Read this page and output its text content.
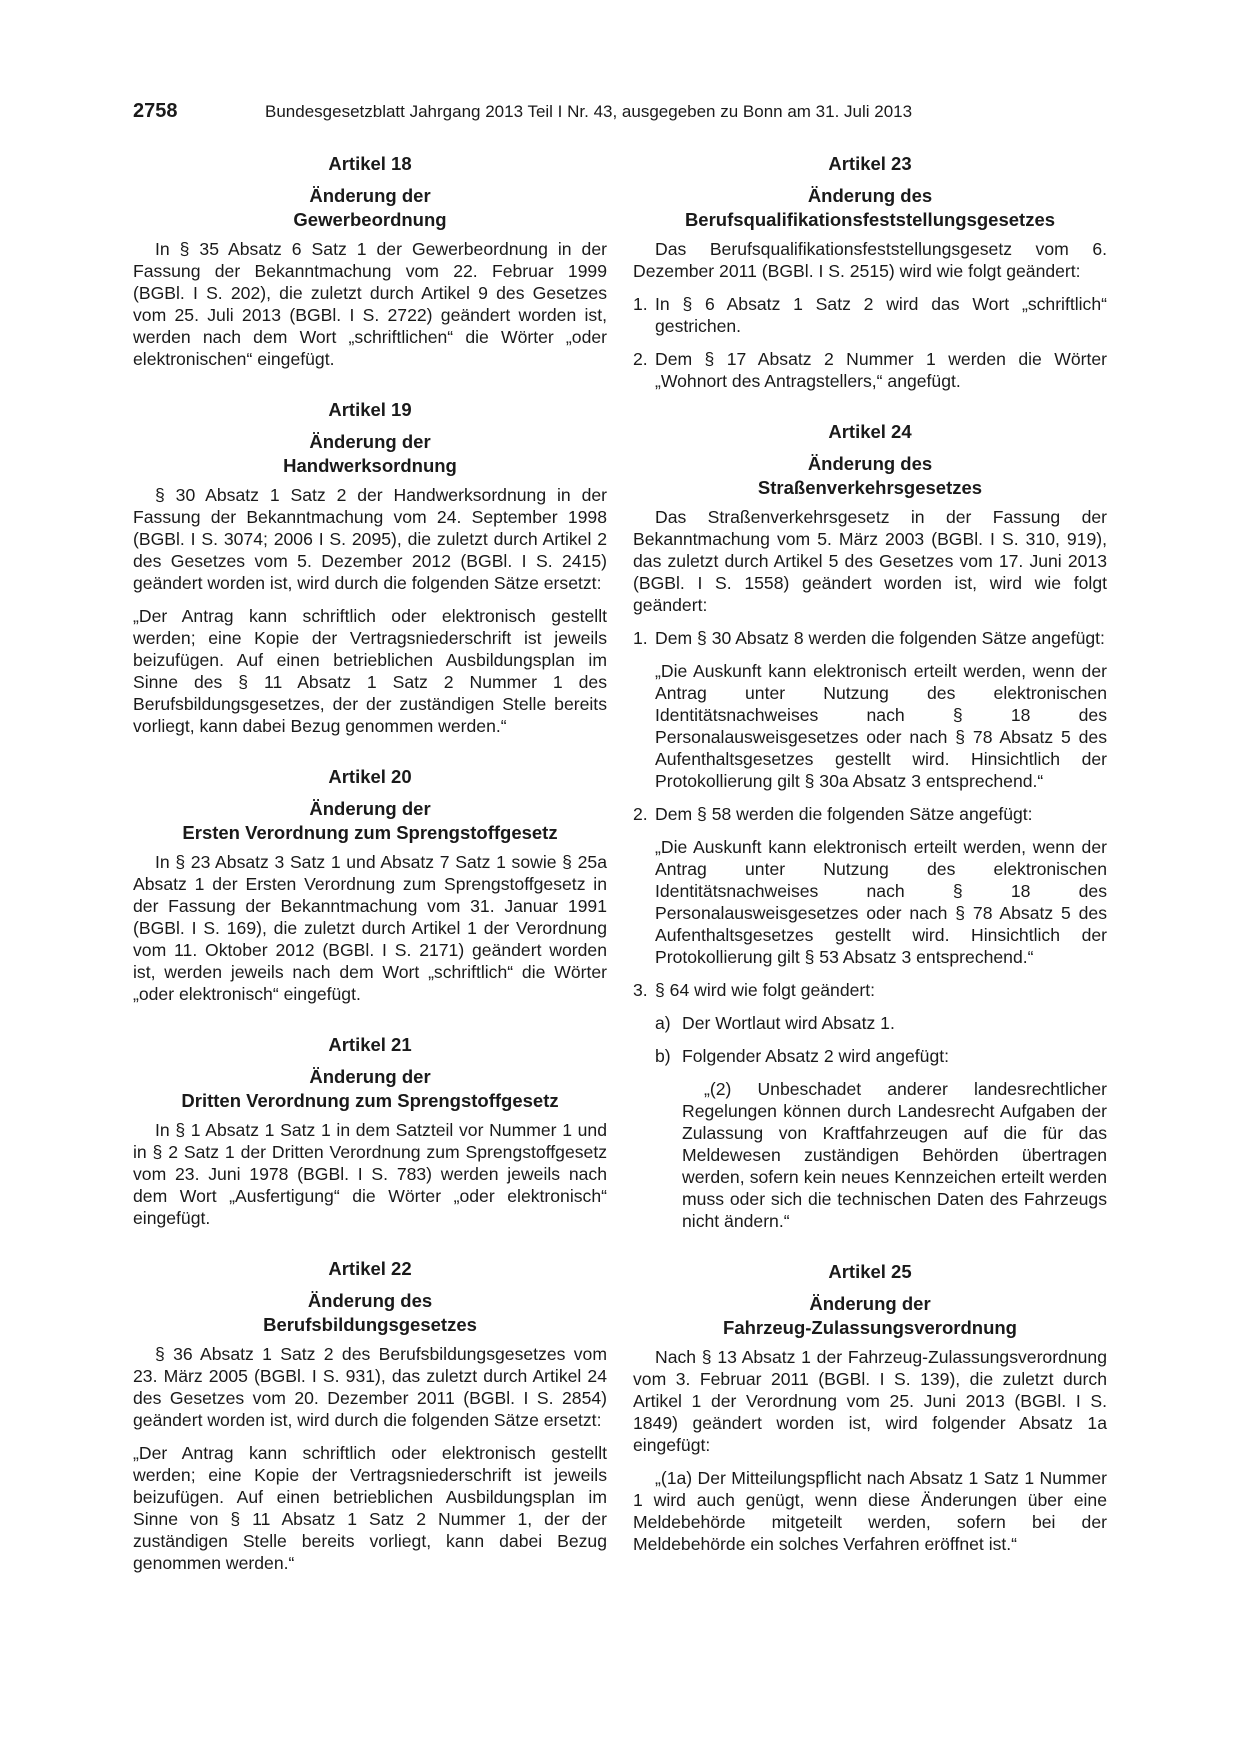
2758	Bundesgesetzblatt Jahrgang 2013 Teil I Nr. 43, ausgegeben zu Bonn am 31. Juli 2013
Artikel 18
Änderung der
Gewerbeordnung

In § 35 Absatz 6 Satz 1 der Gewerbeordnung in der Fassung der Bekanntmachung vom 22. Februar 1999 (BGBl. I S. 202), die zuletzt durch Artikel 9 des Gesetzes vom 25. Juli 2013 (BGBl. I S. 2722) geändert worden ist, werden nach dem Wort „schriftlichen“ die Wörter „oder elektronischen“ eingefügt.

Artikel 19
Änderung der
Handwerksordnung

§ 30 Absatz 1 Satz 2 der Handwerksordnung in der Fassung der Bekanntmachung vom 24. September 1998 (BGBl. I S. 3074; 2006 I S. 2095), die zuletzt durch Artikel 2 des Gesetzes vom 5. Dezember 2012 (BGBl. I S. 2415) geändert worden ist, wird durch die folgenden Sätze ersetzt:

„Der Antrag kann schriftlich oder elektronisch gestellt werden; eine Kopie der Vertragsniederschrift ist jeweils beizufügen. Auf einen betrieblichen Ausbildungsplan im Sinne des § 11 Absatz 1 Satz 2 Nummer 1 des Berufsbildungsgesetzes, der der zuständigen Stelle bereits vorliegt, kann dabei Bezug genommen werden.“

Artikel 20
Änderung der
Ersten Verordnung zum Sprengstoffgesetz

In § 23 Absatz 3 Satz 1 und Absatz 7 Satz 1 sowie § 25a Absatz 1 der Ersten Verordnung zum Sprengstoffgesetz in der Fassung der Bekanntmachung vom 31. Januar 1991 (BGBl. I S. 169), die zuletzt durch Artikel 1 der Verordnung vom 11. Oktober 2012 (BGBl. I S. 2171) geändert worden ist, werden jeweils nach dem Wort „schriftlich“ die Wörter „oder elektronisch“ eingefügt.

Artikel 21
Änderung der
Dritten Verordnung zum Sprengstoffgesetz

In § 1 Absatz 1 Satz 1 in dem Satzteil vor Nummer 1 und in § 2 Satz 1 der Dritten Verordnung zum Sprengstoffgesetz vom 23. Juni 1978 (BGBl. I S. 783) werden jeweils nach dem Wort „Ausfertigung“ die Wörter „oder elektronisch“ eingefügt.

Artikel 22
Änderung des
Berufsbildungsgesetzes

§ 36 Absatz 1 Satz 2 des Berufsbildungsgesetzes vom 23. März 2005 (BGBl. I S. 931), das zuletzt durch Artikel 24 des Gesetzes vom 20. Dezember 2011 (BGBl. I S. 2854) geändert worden ist, wird durch die folgenden Sätze ersetzt:

„Der Antrag kann schriftlich oder elektronisch gestellt werden; eine Kopie der Vertragsniederschrift ist jeweils beizufügen. Auf einen betrieblichen Ausbildungsplan im Sinne von § 11 Absatz 1 Satz 2 Nummer 1, der der zuständigen Stelle bereits vorliegt, kann dabei Bezug genommen werden.“

Artikel 23
Änderung des
Berufsqualifikationsfeststellungsgesetzes

Das Berufsqualifikationsfeststellungsgesetz vom 6. Dezember 2011 (BGBl. I S. 2515) wird wie folgt geändert:

1. In § 6 Absatz 1 Satz 2 wird das Wort „schriftlich“ gestrichen.
2. Dem § 17 Absatz 2 Nummer 1 werden die Wörter „Wohnort des Antragstellers,“ angefügt.
Artikel 24
Änderung des
Straßenverkehrsgesetzes

Das Straßenverkehrsgesetz in der Fassung der Bekanntmachung vom 5. März 2003 (BGBl. I S. 310, 919), das zuletzt durch Artikel 5 des Gesetzes vom 17. Juni 2013 (BGBl. I S. 1558) geändert worden ist, wird wie folgt geändert:

1. Dem § 30 Absatz 8 werden die folgenden Sätze angefügt:
„Die Auskunft kann elektronisch erteilt werden, wenn der Antrag unter Nutzung des elektronischen Identitätsnachweises nach § 18 des Personalausweisgesetzes oder nach § 78 Absatz 5 des Aufenthaltsgesetzes gestellt wird. Hinsichtlich der Protokollierung gilt § 30a Absatz 3 entsprechend.“
2. Dem § 58 werden die folgenden Sätze angefügt:
„Die Auskunft kann elektronisch erteilt werden, wenn der Antrag unter Nutzung des elektronischen Identitätsnachweises nach § 18 des Personalausweisgesetzes oder nach § 78 Absatz 5 des Aufenthaltsgesetzes gestellt wird. Hinsichtlich der Protokollierung gilt § 53 Absatz 3 entsprechend.“
3. § 64 wird wie folgt geändert:
a) Der Wortlaut wird Absatz 1.
b) Folgender Absatz 2 wird angefügt:
„(2) Unbeschadet anderer landesrechtlicher Regelungen können durch Landesrecht Aufgaben der Zulassung von Kraftfahrzeugen auf die für das Meldewesen zuständigen Behörden übertragen werden, sofern kein neues Kennzeichen erteilt werden muss oder sich die technischen Daten des Fahrzeugs nicht ändern.“
Artikel 25
Änderung der
Fahrzeug-Zulassungsverordnung

Nach § 13 Absatz 1 der Fahrzeug-Zulassungsverordnung vom 3. Februar 2011 (BGBl. I S. 139), die zuletzt durch Artikel 1 der Verordnung vom 25. Juni 2013 (BGBl. I S. 1849) geändert worden ist, wird folgender Absatz 1a eingefügt:

„(1a) Der Mitteilungspflicht nach Absatz 1 Satz 1 Nummer 1 wird auch genügt, wenn diese Änderungen über eine Meldebehörde mitgeteilt werden, sofern bei der Meldebehörde ein solches Verfahren eröffnet ist.“
